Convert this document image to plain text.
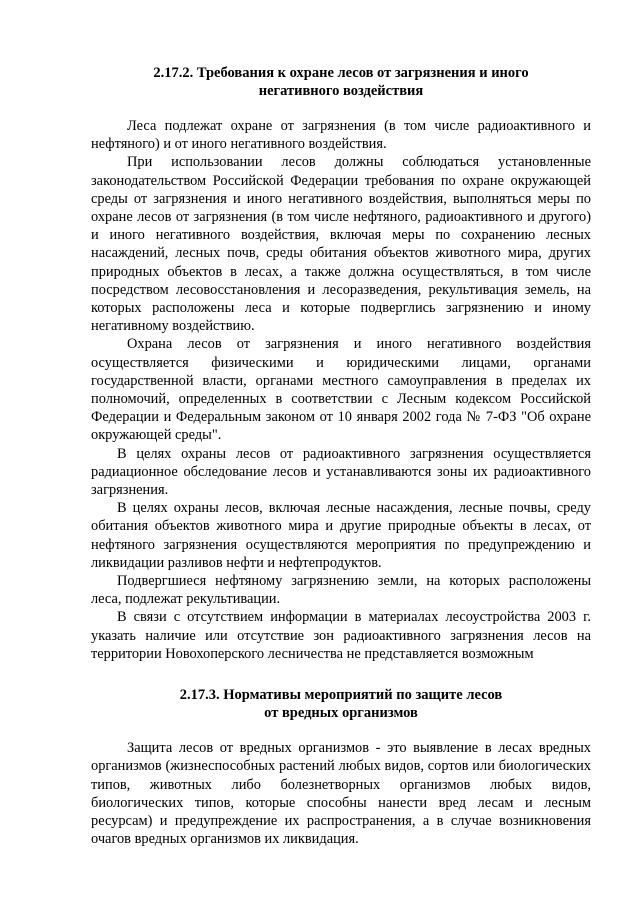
2.17.2. Требования к охране лесов от загрязнения и иного
негативного воздействия

Леса подлежат охране от загрязнения (в том числе радиоактивного и нефтяного) и от иного негативного воздействия.

При использовании лесов должны соблюдаться установленные законодательством Российской Федерации требования по охране окружающей среды от загрязнения и иного негативного воздействия, выполняться меры по охране лесов от загрязнения (в том числе нефтяного, радиоактивного и другого) и иного негативного воздействия, включая меры по сохранению лесных насаждений, лесных почв, среды обитания объектов животного мира, других природных объектов в лесах, а также должна осуществляться, в том числе посредством лесовосстановления и лесоразведения, рекультивация земель, на которых расположены леса и которые подверглись загрязнению и иному негативному воздействию.

Охрана лесов от загрязнения и иного негативного воздействия осуществляется физическими и юридическими лицами, органами государственной власти, органами местного самоуправления в пределах их полномочий, определенных в соответствии с Лесным кодексом Российской Федерации и Федеральным законом от 10 января 2002 года № 7-ФЗ "Об охране окружающей среды".

В целях охраны лесов от радиоактивного загрязнения осуществляется радиационное обследование лесов и устанавливаются зоны их радиоактивного загрязнения.

В целях охраны лесов, включая лесные насаждения, лесные почвы, среду обитания объектов животного мира и другие природные объекты в лесах, от нефтяного загрязнения осуществляются мероприятия по предупреждению и ликвидации разливов нефти и нефтепродуктов.

Подвергшиеся нефтяному загрязнению земли, на которых расположены леса, подлежат рекультивации.

В связи с отсутствием информации в материалах лесоустройства 2003 г. указать наличие или отсутствие зон радиоактивного загрязнения лесов на территории Новохоперского лесничества не представляется возможным

2.17.3. Нормативы мероприятий по защите лесов
от вредных организмов

Защита лесов от вредных организмов - это выявление в лесах вредных организмов (жизнеспособных растений любых видов, сортов или биологических типов, животных либо болезнетворных организмов любых видов, биологических типов, которые способны нанести вред лесам и лесным ресурсам) и предупреждение их распространения, а в случае возникновения очагов вредных организмов их ликвидация.
